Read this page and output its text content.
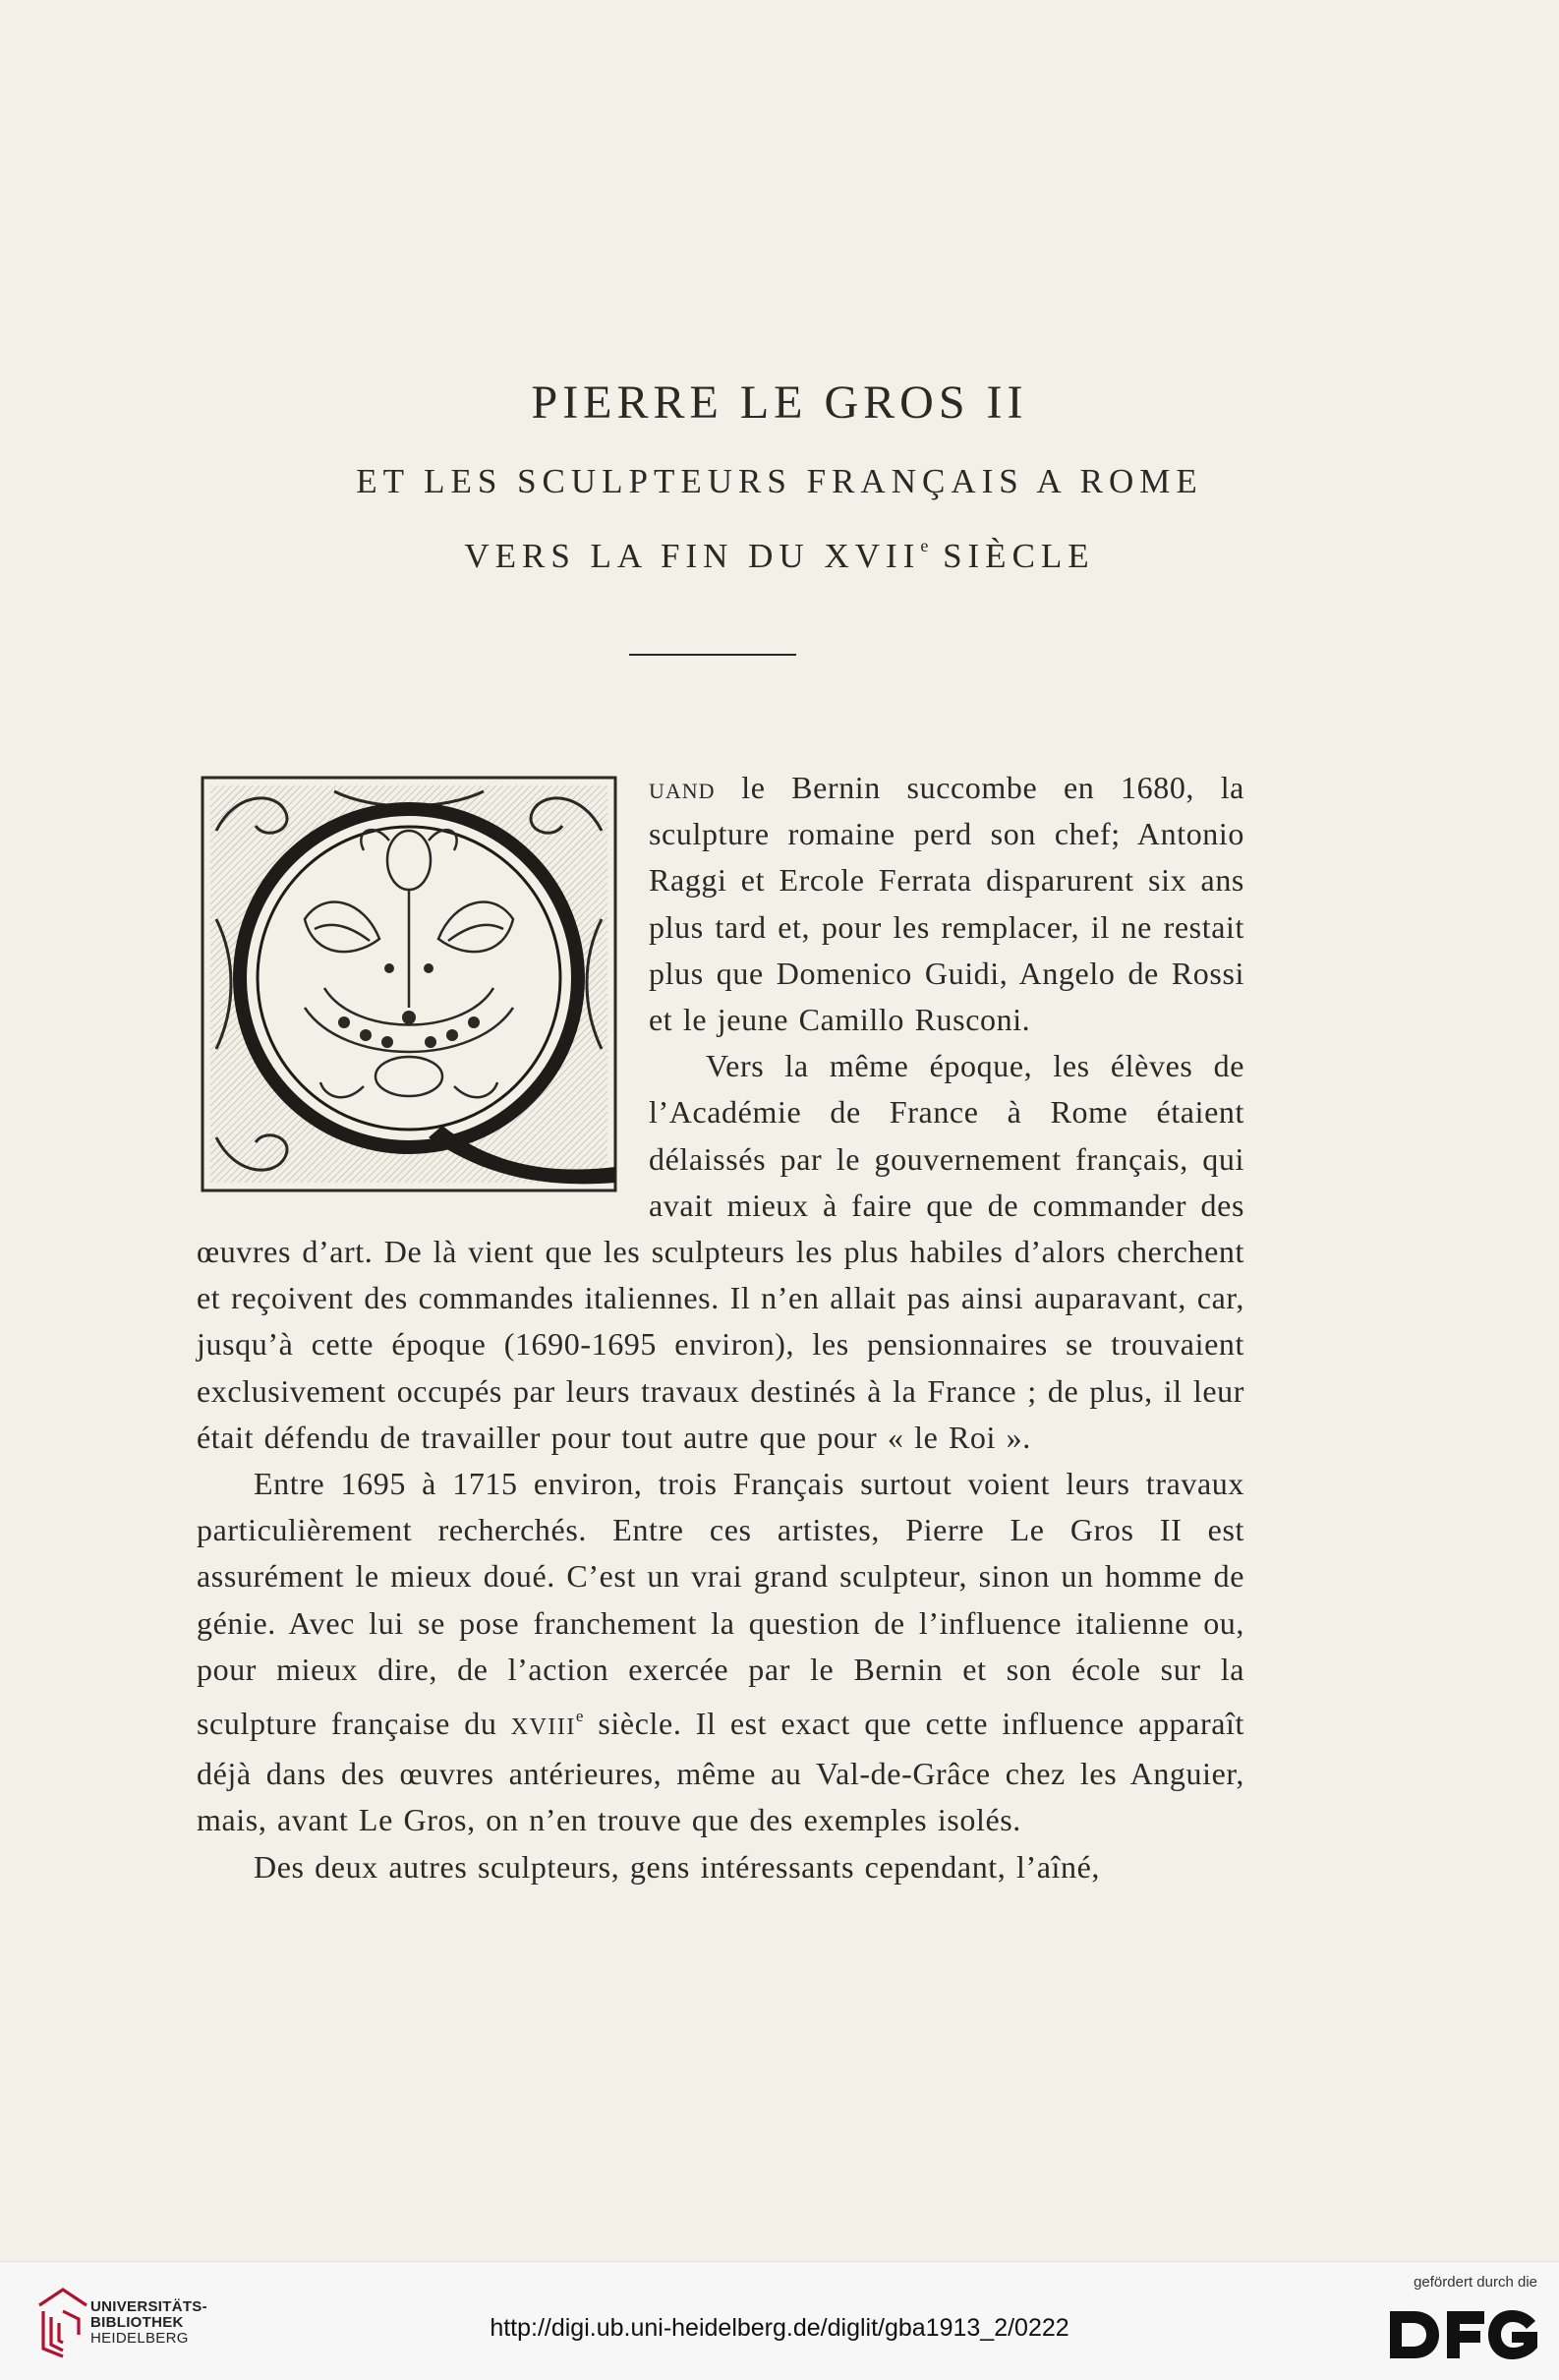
PIERRE LE GROS II
ET LES SCULPTEURS FRANÇAIS A ROME
VERS LA FIN DU XVIIe SIÈCLE

uand le Bernin succombe en 1680, la sculpture romaine perd son chef; Antonio Raggi et Ercole Ferrata disparurent six ans plus tard et, pour les remplacer, il ne restait plus que Domenico Guidi, Angelo de Rossi et le jeune Camillo Rusconi.

Vers la même époque, les élèves de l’Académie de France à Rome étaient délaissés par le gouvernement français, qui avait mieux à faire que de commander des œuvres d’art. De là vient que les sculpteurs les plus habiles d’alors cherchent et reçoivent des commandes italiennes. Il n’en allait pas ainsi auparavant, car, jusqu’à cette époque (1690-1695 environ), les pensionnaires se trouvaient exclusivement occupés par leurs travaux destinés à la France ; de plus, il leur était défendu de travailler pour tout autre que pour « le Roi ».

Entre 1695 à 1715 environ, trois Français surtout voient leurs travaux particulièrement recherchés. Entre ces artistes, Pierre Le Gros II est assurément le mieux doué. C’est un vrai grand sculpteur, sinon un homme de génie. Avec lui se pose franchement la question de l’influence italienne ou, pour mieux dire, de l’action exercée par le Bernin et son école sur la sculpture française du XVIIIe siècle. Il est exact que cette influence apparaît déjà dans des œuvres antérieures, même au Val-de-Grâce chez les Anguier, mais, avant Le Gros, on n’en trouve que des exemples isolés.

Des deux autres sculpteurs, gens intéressants cependant, l’aîné,

UNIVERSITÄTS-
BIBLIOTHEK
HEIDELBERG	http://digi.ub.uni-heidelberg.de/diglit/gba1913_2/0222
gefördert durch die
